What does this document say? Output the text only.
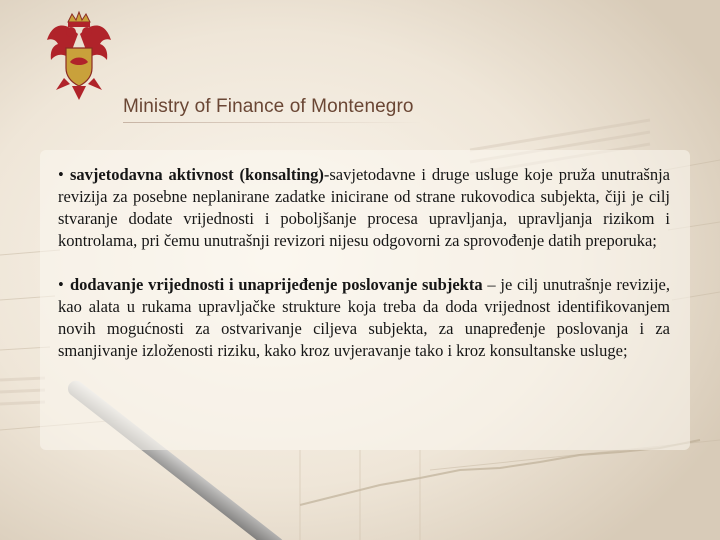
Ministry of Finance of Montenegro

• savjetodavna aktivnost (konsalting)-savjetodavne i druge usluge koje pruža unutrašnja revizija za posebne neplanirane zadatke inicirane od strane rukovodica subjekta, čiji je cilj stvaranje dodate vrijednosti i poboljšanje procesa upravljanja, upravljanja rizikom i kontrolama, pri čemu unutrašnji revizori nijesu odgovorni za sprovođenje datih preporuka;

• dodavanje vrijednosti i unaprijeđenje poslovanje subjekta – je cilj unutrašnje revizije, kao alata u rukama upravljačke strukture koja treba da doda vrijednost identifikovanjem novih mogućnosti za ostvarivanje ciljeva subjekta, za unapređenje poslovanja i za smanjivanje izloženosti riziku, kako kroz uvjeravanje tako i kroz konsultanske usluge;
